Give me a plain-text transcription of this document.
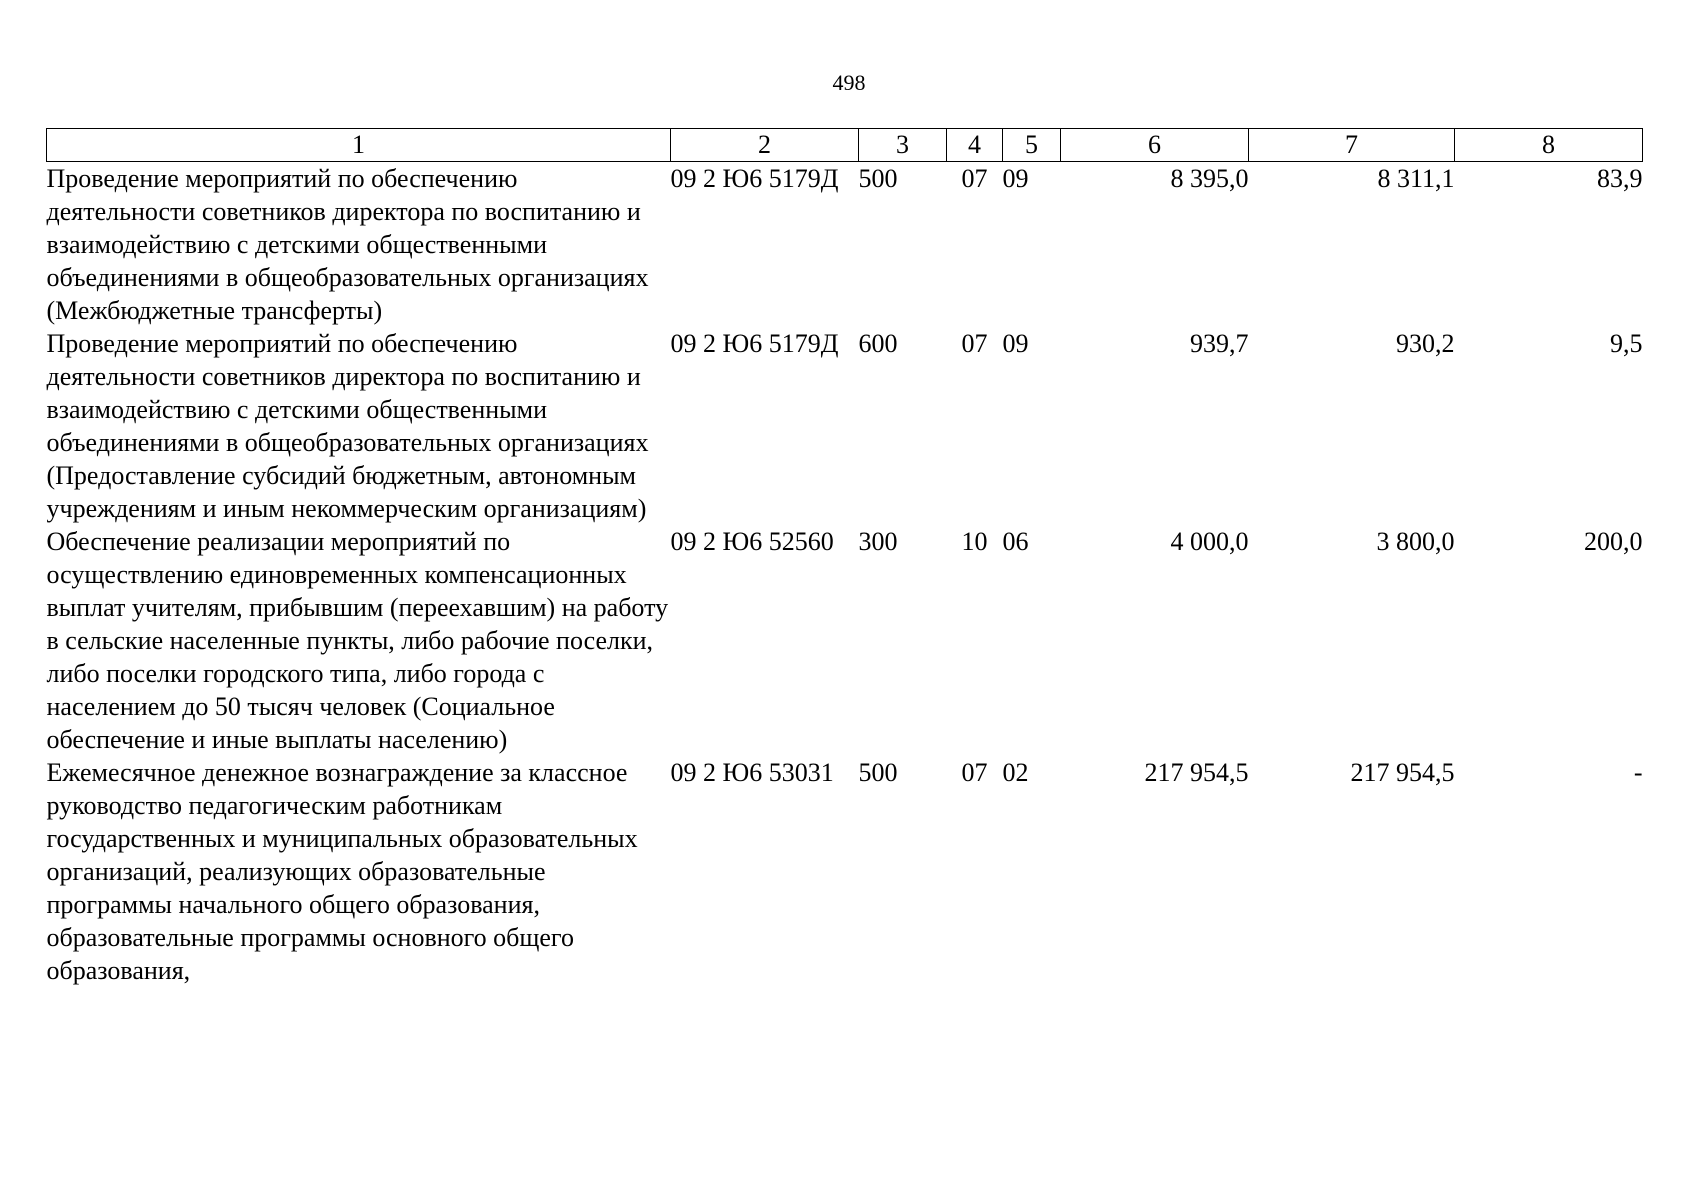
498
1	2	3	4	5	6	7	8
Проведение мероприятий по обеспечению деятельности советников директора по воспитанию и взаимодействию с детскими общественными объединениями в общеобразовательных организациях (Межбюджетные трансферты)	09 2 Ю6 5179Д	500	07	09	8 395,0	8 311,1	83,9
Проведение мероприятий по обеспечению деятельности советников директора по воспитанию и взаимодействию с детскими общественными объединениями в общеобразовательных организациях (Предоставление субсидий бюджетным, автономным учреждениям и иным некоммерческим организациям)	09 2 Ю6 5179Д	600	07	09	939,7	930,2	9,5
Обеспечение реализации мероприятий по осуществлению единовременных компенсационных выплат учителям, прибывшим (переехавшим) на работу в сельские населенные пункты, либо рабочие поселки, либо поселки городского типа, либо города с населением до 50 тысяч человек (Социальное обеспечение и иные выплаты населению)	09 2 Ю6 52560	300	10	06	4 000,0	3 800,0	200,0
Ежемесячное денежное вознаграждение за классное руководство педагогическим работникам государственных и муниципальных образовательных организаций, реализующих образовательные программы начального общего образования, образовательные программы основного общего образования,	09 2 Ю6 53031	500	07	02	217 954,5	217 954,5	-
